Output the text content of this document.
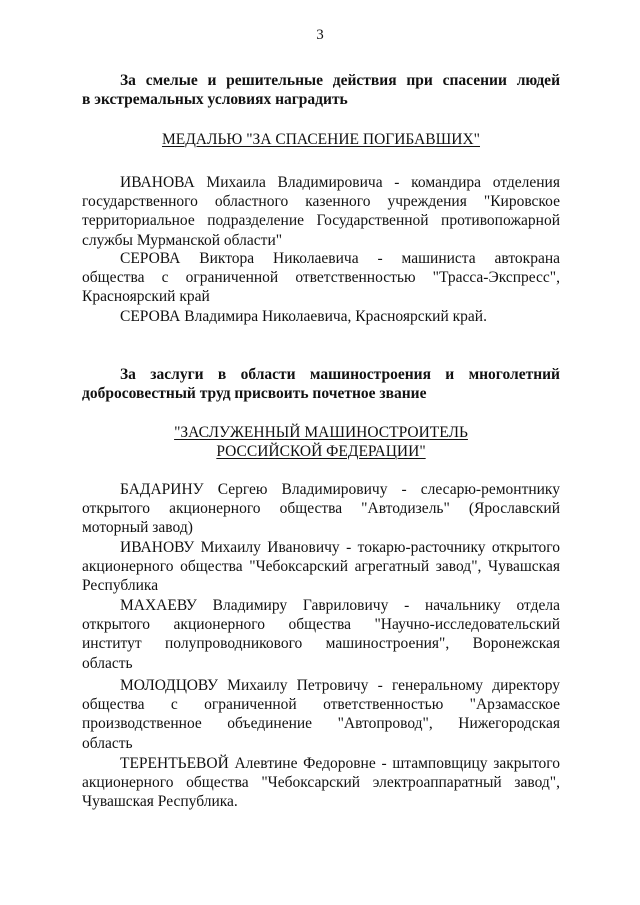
3

За смелые и решительные действия при спасении людей

в экстремальных условиях наградить

МЕДАЛЬЮ "ЗА СПАСЕНИЕ ПОГИБАВШИХ"

ИВАНОВА Михаила Владимировича - командира отделения

государственного областного казенного учреждения "Кировское

территориальное подразделение Государственной противопожарной

службы Мурманской области"

СЕРОВА Виктора Николаевича - машиниста автокрана

общества с ограниченной ответственностью "Трасса-Экспресс",

Красноярский край

СЕРОВА Владимира Николаевича, Красноярский край.

За заслуги в области машиностроения и многолетний

добросовестный труд присвоить почетное звание

"ЗАСЛУЖЕННЫЙ МАШИНОСТРОИТЕЛЬ

РОССИЙСКОЙ ФЕДЕРАЦИИ"

БАДАРИНУ Сергею Владимировичу - слесарю-ремонтнику

открытого акционерного общества "Автодизель" (Ярославский

моторный завод)

ИВАНОВУ Михаилу Ивановичу - токарю-расточнику открытого

акционерного общества "Чебоксарский агрегатный завод", Чувашская

Республика

МАХАЕВУ Владимиру Гавриловичу - начальнику отдела

открытого акционерного общества "Научно-исследовательский

институт полупроводникового машиностроения", Воронежская

область

МОЛОДЦОВУ Михаилу Петровичу - генеральному директору

общества с ограниченной ответственностью "Арзамасское

производственное объединение "Автопровод", Нижегородская

область

ТЕРЕНТЬЕВОЙ Алевтине Федоровне - штамповщицу закрытого

акционерного общества "Чебоксарский электроаппаратный завод",

Чувашская Республика.
